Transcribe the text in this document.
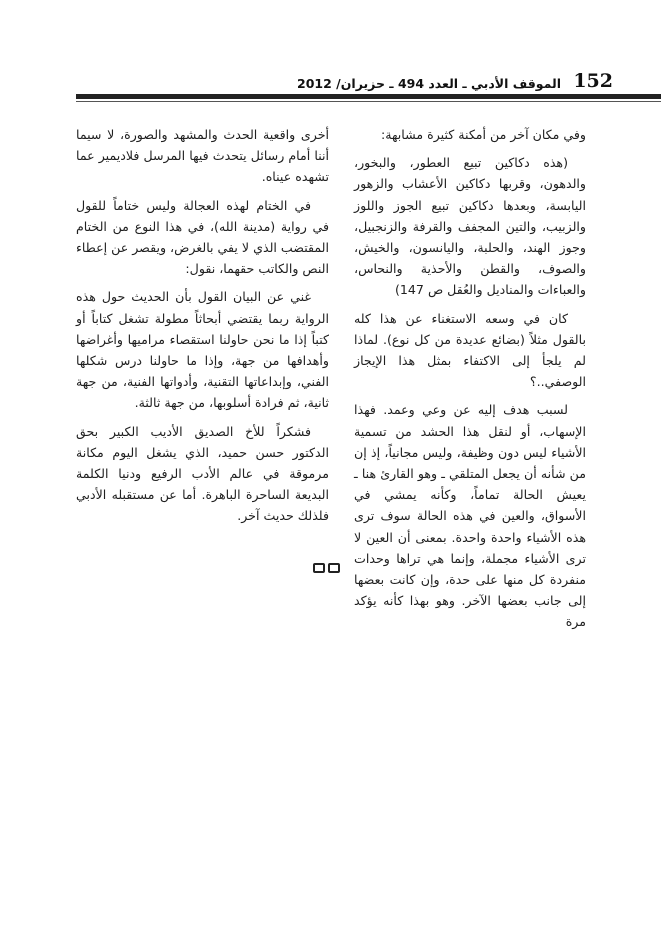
152
الموقف الأدبي ـ العدد 494 ـ حزيران/ 2012

وفي مكان آخر من أمكنة كثيرة مشابهة:

(هذه دكاكين تبيع العطور، والبخور، والدهون، وقربها دكاكين الأعشاب والزهور اليابسة، وبعدها دكاكين تبيع الجوز واللوز والزبيب، والتين المجفف والقرفة والزنجبيل، وجوز الهند، والحلبة، واليانسون، والخيش، والصوف، والقطن والأحذية والنحاس، والعباءات والمناديل والعُقل ص 147)

كان في وسعه الاستغناء عن هذا كله بالقول مثلاً (بضائع عديدة من كل نوع). لماذا لم يلجأ إلى الاكتفاء بمثل هذا الإيجاز الوصفي..؟

لسبب هدف إليه عن وعي وعمد. فهذا الإسهاب، أو لنقل هذا الحشد من تسمية الأشياء ليس دون وظيفة، وليس مجانياً، إذ إن من شأنه أن يجعل المتلقي ـ وهو القارئ هنا ـ يعيش الحالة تماماً، وكأنه يمشي في الأسواق، والعين في هذه الحالة سوف ترى هذه الأشياء واحدة واحدة. بمعنى أن العين لا ترى الأشياء مجملة، وإنما هي تراها وحدات منفردة كل منها على حدة، وإن كانت بعضها إلى جانب بعضها الآخر. وهو بهذا كأنه يؤكد مرة

أخرى واقعية الحدث والمشهد والصورة، لا سيما أننا أمام رسائل يتحدث فيها المرسل فلاديمير عما تشهده عيناه.

في الختام لهذه العجالة وليس ختاماً للقول في رواية (مدينة الله)، في هذا النوع من الختام المقتضب الذي لا يفي بالغرض، ويقصر عن إعطاء النص والكاتب حقهما، نقول:

غني عن البيان القول بأن الحديث حول هذه الرواية ربما يقتضي أبحاثاً مطولة تشغل كتاباً أو كتباً إذا ما نحن حاولنا استقصاء مراميها وأغراضها وأهدافها من جهة، وإذا ما حاولنا درس شكلها الفني، وإبداعاتها التقنية، وأدواتها الفنية، من جهة ثانية، ثم فرادة أسلوبها، من جهة ثالثة.

فشكراً للأخ الصديق الأديب الكبير بحق الدكتور حسن حميد، الذي يشغل اليوم مكانة مرموقة في عالم الأدب الرفيع ودنيا الكلمة البديعة الساحرة الباهرة. أما عن مستقبله الأدبي فلذلك حديث آخر.
